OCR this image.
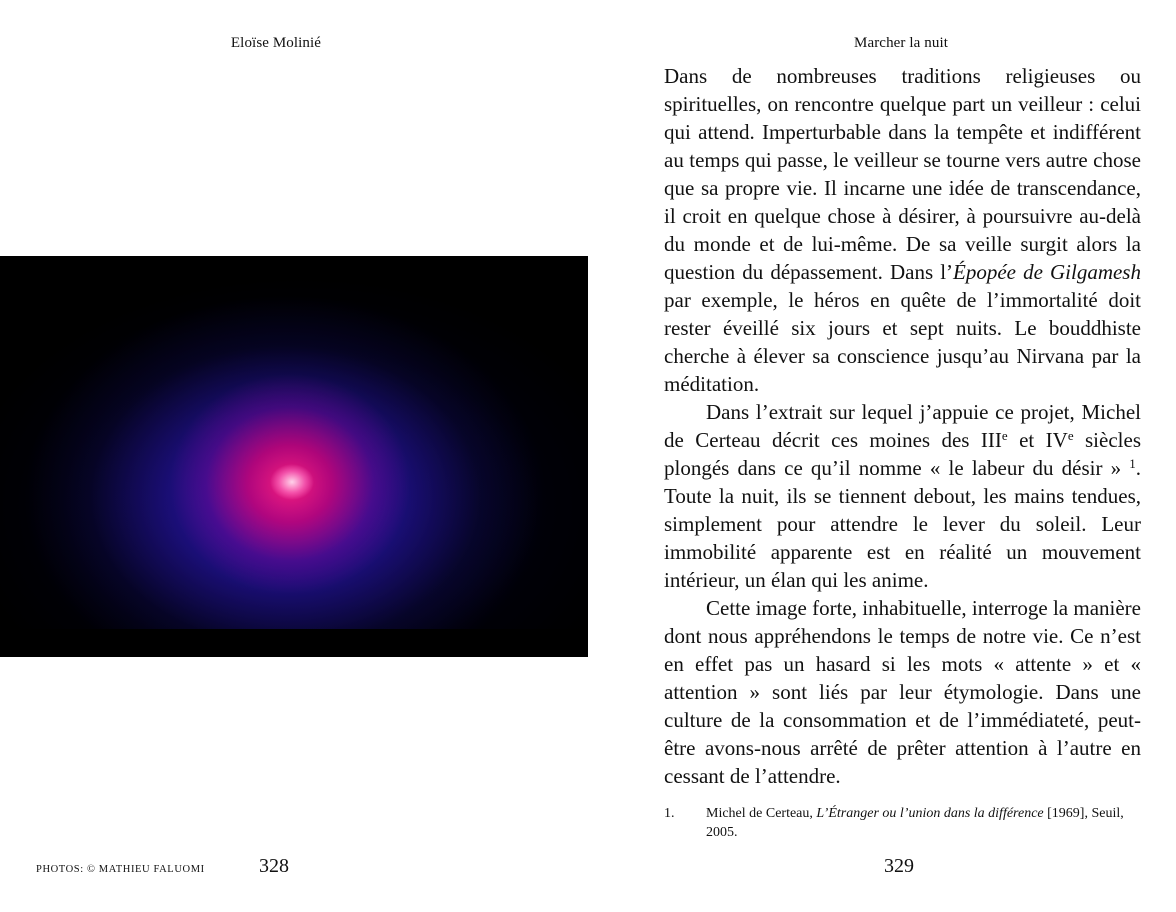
Eloïse Molinié
PHOTOS: © MATHIEU FALUOMI	328
Marcher la nuit

Dans de nombreuses traditions religieuses ou spirituelles, on rencontre quelque part un veilleur : celui qui attend. Imperturbable dans la tempête et indifférent au temps qui passe, le veilleur se tourne vers autre chose que sa propre vie. Il incarne une idée de transcendance, il croit en quelque chose à désirer, à poursuivre au-delà du monde et de lui-même. De sa veille surgit alors la question du dépassement. Dans l’Épopée de Gilgamesh par exemple, le héros en quête de l’immortalité doit rester éveillé six jours et sept nuits. Le bouddhiste cherche à élever sa conscience jusqu’au Nirvana par la méditation.

Dans l’extrait sur lequel j’appuie ce projet, Michel de Certeau décrit ces moines des IIIe et IVe siècles plongés dans ce qu’il nomme « le labeur du désir » $^1$. Toute la nuit, ils se tiennent debout, les mains tendues, simplement pour attendre le lever du soleil. Leur immobilité apparente est en réalité un mouvement intérieur, un élan qui les anime.

Cette image forte, inhabituelle, interroge la manière dont nous appréhendons le temps de notre vie. Ce n’est en effet pas un hasard si les mots « attente » et « attention » sont liés par leur étymologie. Dans une culture de la consommation et de l’immédiateté, peut-être avons-nous arrêté de prêter attention à l’autre en cessant de l’attendre.

1. Michel de Certeau, L’Étranger ou l’union dans la différence [1969], Seuil, 2005.
329
